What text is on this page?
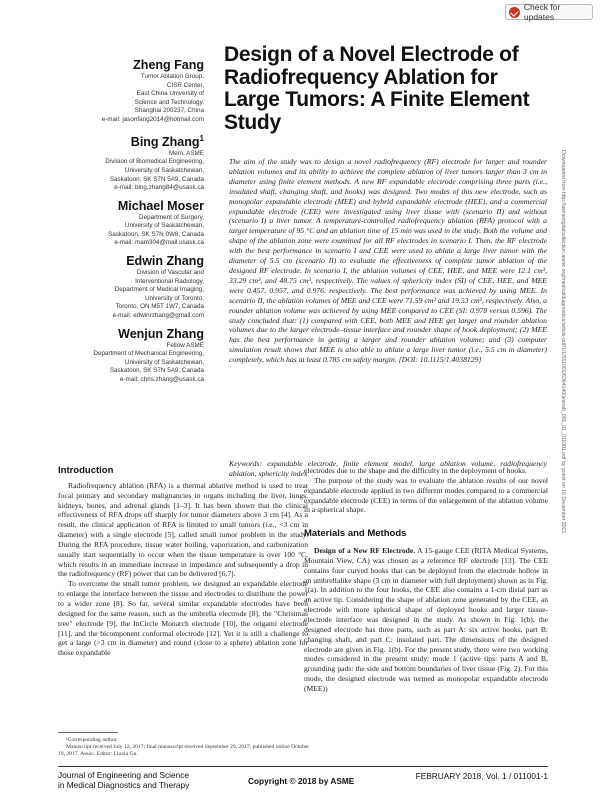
Check for updates
Design of a Novel Electrode of Radiofrequency Ablation for Large Tumors: A Finite Element Study
Zheng Fang
Tumor Ablation Group,
CISR Center,
East China University of
Science and Technology,
Shanghai 200237, China
e-mail: jasonfang2014@hotmail.com
Bing Zhang$^1$
Mem. ASME
Division of Biomedical Engineering,
University of Saskatchewan,
Saskatoon, SK S7N 5A9, Canada
e-mail: bing.zhang84@usask.ca
Michael Moser
Department of Surgery,
University of Saskatchewan,
Saskatoon, SK S7N 0W8, Canada
e-mail: mam304@mail.usask.ca
Edwin Zhang
Division of Vascular and
Interventional Radiology,
Department of Medical Imaging,
University of Toronto,
Toronto, ON M5T 1W7, Canada
e-mail: edwinrzhang@gmail.com
Wenjun Zhang
Fellow ASME
Department of Mechanical Engineering,
University of Saskatchewan,
Saskatoon, SK S7N 5A9, Canada
e-mail: chris.zhang@usask.ca
The aim of the study was to design a novel radiofrequency (RF) electrode for larger and rounder ablation volumes and its ability to achieve the complete ablation of liver tumors larger than 3 cm in diameter using finite element methods. A new RF expandable electrode comprising three parts (i.e., insulated shaft, changing shaft, and hooks) was designed. Two modes of this new electrode, such as monopolar expandable electrode (MEE) and hybrid expandable electrode (HEE), and a commercial expandable electrode (CEE) were investigated using liver tissue with (scenario II) and without (scenario I) a liver tumor. A temperature-controlled radiofrequency ablation (RFA) protocol with a target temperature of 95 °C and an ablation time of 15 min was used in the study. Both the volume and shape of the ablation zone were examined for all RF electrodes in scenario I. Then, the RF electrode with the best performance in scenario I and CEE were used to ablate a large liver tumor with the diameter of 5.5 cm (scenario II) to evaluate the effectiveness of complete tumor ablation of the designed RF electrode. In scenario I, the ablation volumes of CEE, HEE, and MEE were 12.1 cm³, 33.29 cm³, and 48.75 cm³, respectively. The values of sphericity index (SI) of CEE, HEE, and MEE were 0.457, 0.957, and 0.976, respectively. The best performance was achieved by using MEE. In scenario II, the ablation volumes of MEE and CEE were 71.59 cm³ and 19.53 cm³, respectively. Also, a rounder ablation volume was achieved by using MEE compared to CEE (SI: 0.978 versus 0.596). The study concluded that: (1) compared with CEE, both MEE and HEE get larger and rounder ablation volumes due to the larger electrode–tissue interface and rounder shape of hook deployment; (2) MEE has the best performance in getting a larger and rounder ablation volume; and (3) computer simulation result shows that MEE is also able to ablate a large liver tumor (i.e., 5.5 cm in diameter) completely, which has at least 0.785 cm safety margin. [DOI: 10.1115/1.4038129]
Keywords: expandable electrode, finite element model, large ablation volume, radiofrequency ablation, sphericity index	Downloaded from http://asmedigitalcollection.asme.org/medicaldiagnostics/article-pdf/1/1/011001/6364140/jesmdt_001_01_011001.pdf by guest on 16 December 2021
Introduction

Radiofrequency ablation (RFA) is a thermal ablative method is used to treat focal primary and secondary malignancies in organs including the liver, lungs, kidneys, bones, and adrenal glands [1–3]. It has been shown that the clinical effectiveness of RFA drops off sharply for tumor diameters above 3 cm [4]. As a result, the clinical application of RFA is limited to small tumors (i.e., <3 cm in diameter) with a single electrode [5], called small tumor problem in the study. During the RFA procedure, tissue water boiling, vaporization, and carbonization usually start sequentially to occur when the tissue temperature is over 100 °C, which results in an immediate increase in impedance and subsequently a drop in the radiofrequency (RF) power that can be delivered [6,7].

To overcome the small tumor problem, we designed an expandable electrode to enlarge the interface between the tissue and electrodes to distribute the power to a wider zone [8]. So far, several similar expandable electrodes have been designed for the same reason, such as the umbrella electrode [8], the "Christmas tree" electrode [9], the InCircle Monarch electrode [10], the origami electrode [11], and the bicomponent conformal electrode [12]. Yet it is still a challenge to get a large (>3 cm in diameter) and round (close to a sphere) ablation zone for those expandable

¹Corresponding author.

Manuscript received July 12, 2017; final manuscript received September 29, 2017; published online October 19, 2017. Assoc. Editor: Liuxia Gu.

electrodes due to the shape and the difficulty in the deployment of hooks.

The purpose of the study was to evaluate the ablation results of our novel expandable electrode applied in two different modes compared to a commercial expandable electrode (CEE) in terms of the enlargement of the ablation volume in a spherical shape.

Materials and Methods

Design of a New RF Electrode. A 15-gauge CEE (RITA Medical Systems, Mountain View, CA) was chosen as a reference RF electrode [13]. The CEE contains four curved hooks that can be deployed from the electrode hollow in an umbrellalike shape (3 cm in diameter with full deployment) shown as in Fig. 1(a). In addition to the four hooks, the CEE also contains a 1-cm distal part as an active tip. Considering the shape of ablation zone generated by the CEE, an electrode with more spherical shape of deployed hooks and larger tissue-electrode interface was designed in the study. As shown in Fig. 1(b), the designed electrode has three parts, such as part A: six active hooks, part B: changing shaft, and part C: insulated part. The dimensions of the designed electrode are given in Fig. 1(b). For the present study, there were two working modes considered in the present study: mode 1 (active tips: parts A and B, grounding pads: the side and bottom boundaries of liver tissue (Fig. 2). For this mode, the designed electrode was termed as monopolar expandable electrode (MEE))

Journal of Engineering and Science
in Medical Diagnostics and Therapy	Copyright © 2018 by ASME	FEBRUARY 2018, Vol. 1 / 011001-1
